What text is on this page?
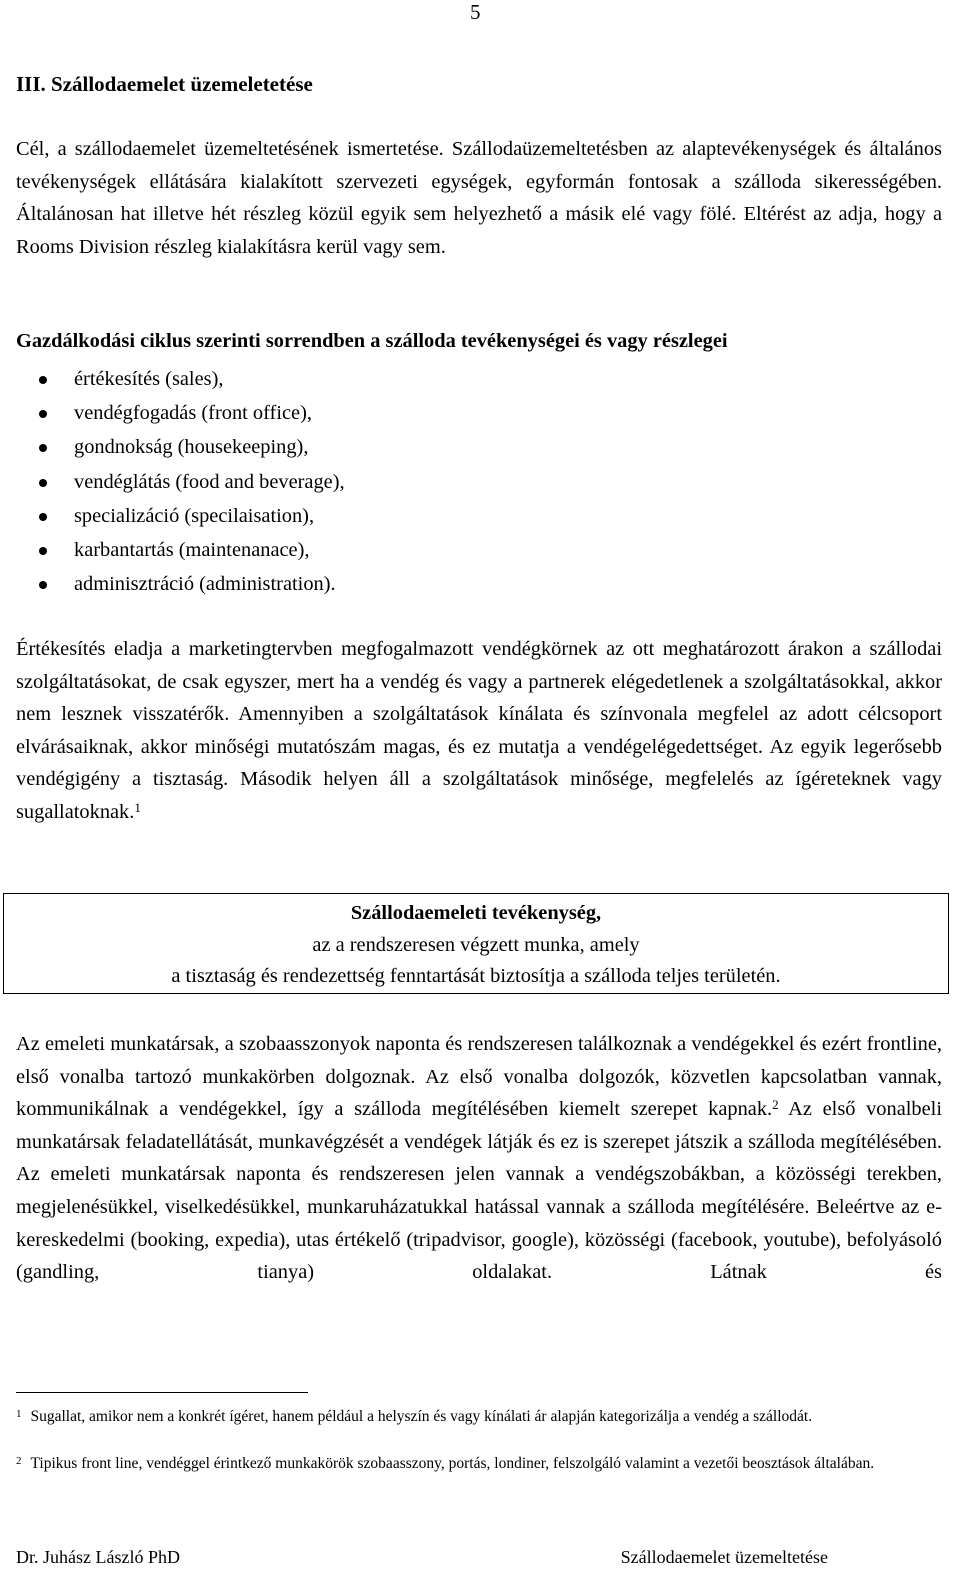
5
III. Szállodaemelet üzemeletetése

Cél, a szállodaemelet üzemeltetésének ismertetése. Szállodaüzemeltetésben az alaptevékenységek és általános tevékenységek ellátására kialakított szervezeti egységek, egyformán fontosak a szálloda sikerességében. Általánosan hat illetve hét részleg közül egyik sem helyezhető a másik elé vagy fölé. Eltérést az adja, hogy a Rooms Division részleg kialakításra kerül vagy sem.

Gazdálkodási ciklus szerinti sorrendben a szálloda tevékenységei és vagy részlegei
értékesítés (sales),
vendégfogadás (front office),
gondnokság (housekeeping),
vendéglátás (food and beverage),
specializáció (specilaisation),
karbantartás (maintenanace),
adminisztráció (administration).

Értékesítés eladja a marketingtervben megfogalmazott vendégkörnek az ott meghatározott árakon a szállodai szolgáltatásokat, de csak egyszer, mert ha a vendég és vagy a partnerek elégedetlenek a szolgáltatásokkal, akkor nem lesznek visszatérők. Amennyiben a szolgáltatások kínálata és színvonala megfelel az adott célcsoport elvárásaiknak, akkor minőségi mutatószám magas, és ez mutatja a vendégelégedettséget. Az egyik legerősebb vendégigény a tisztaság. Második helyen áll a szolgáltatások minősége, megfelelés az ígéreteknek vagy sugallatoknak.$^1$

Szállodaemeleti tevékenység,
az a rendszeresen végzett munka, amely
a tisztaság és rendezettség fenntartását biztosítja a szálloda teljes területén.

Az emeleti munkatársak, a szobaasszonyok naponta és rendszeresen találkoznak a vendégekkel és ezért frontline, első vonalba tartozó munkakörben dolgoznak. Az első vonalba dolgozók, közvetlen kapcsolatban vannak, kommunikálnak a vendégekkel, így a szálloda megítélésében kiemelt szerepet kapnak.$^2$ Az első vonalbeli munkatársak feladatellátását, munkavégzését a vendégek látják és ez is szerepet játszik a szálloda megítélésében. Az emeleti munkatársak naponta és rendszeresen jelen vannak a vendégszobákban, a közösségi terekben, megjelenésükkel, viselkedésükkel, munkaruházatukkal hatással vannak a szálloda megítélésére. Beleértve az e-kereskedelmi (booking, expedia), utas értékelő (tripadvisor, google), közösségi (facebook, youtube), befolyásoló (gandling, tianya) oldalakat. Látnak és

$^1$ Sugallat, amikor nem a konkrét ígéret, hanem például a helyszín és vagy kínálati ár alapján kategorizálja a vendég a szállodát.

$^2$ Tipikus front line, vendéggel érintkező munkakörök szobaasszony, portás, londiner, felszolgáló valamint a vezetői beosztások általában.

Dr. Juhász László PhD	Szállodaemelet üzemeltetése
